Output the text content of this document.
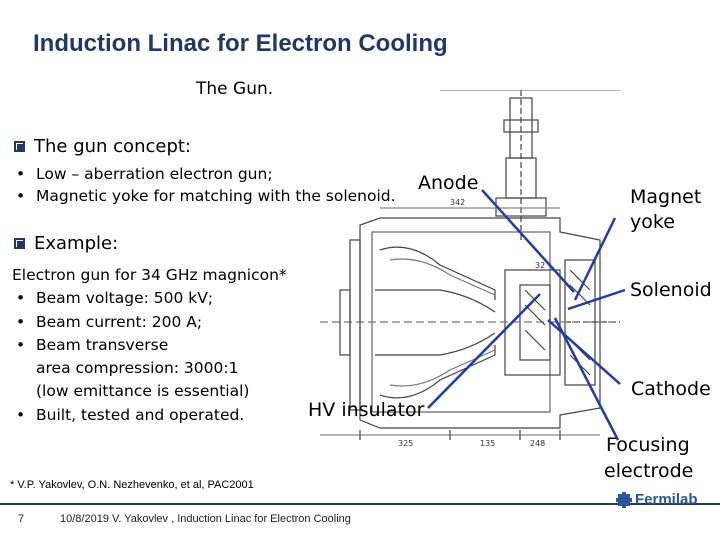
Induction Linac for Electron Cooling
The Gun.
The gun concept:
• Low – aberration electron gun;
• Magnetic yoke for matching with the solenoid.
Example:
Electron gun for 34 GHz magnicon*
• Beam voltage: 500 kV;
• Beam current: 200 A;
• Beam transverse
area compression: 3000:1
(low emittance is essential)
• Built, tested and operated.
342
32
325	135	248
Anode
Magnet
yoke
Solenoid
Cathode
HV insulator
Focusing
electrode
* V.P. Yakovlev, O.N. Nezhevenko, et al, PAC2001
7	10/8/2019 V. Yakovlev , Induction Linac for Electron Cooling
Fermilab
